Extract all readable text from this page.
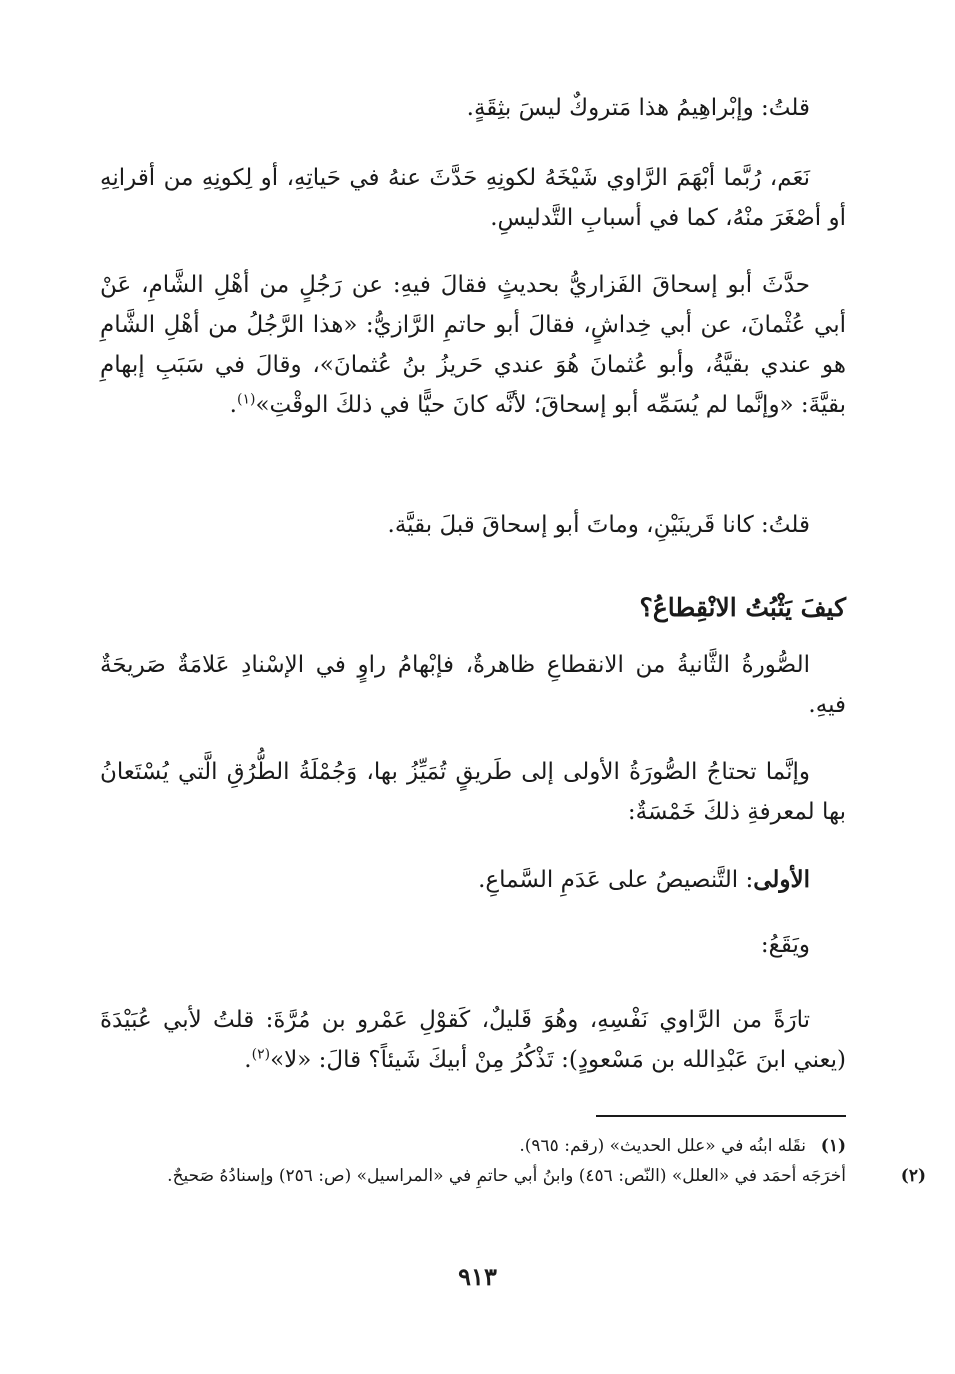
قلتُ: وإبْراهِيمُ هذا مَتروكٌ ليسَ بثِقَةٍ.

نَعَم، رُبَّما أبْهَمَ الرَّاوي شَيْخَهُ لكونِهِ حَدَّثَ عنهُ في حَياتِهِ، أو لِكونِهِ من أقرانِهِ أو أصْغَرَ منْهُ، كما في أسبابِ التَّدليسِ.

حدَّثَ أبو إسحاقَ الفَزاريُّ بحديثٍ فقالَ فيهِ: عن رَجُلٍ من أهْلِ الشَّامِ، عَنْ أبي عُثْمانَ، عن أبي خِداشٍ، فقالَ أبو حاتمِ الرَّازيُّ: «هذا الرَّجُلُ من أهْلِ الشَّامِ هو عندي بقيَّةُ، وأبو عُثمانَ هُوَ عندي حَريزُ بنُ عُثمانَ»، وقالَ في سَبَبِ إبهامِ بقيَّةَ: «وإنَّما لم يُسَمِّه أبو إسحاقَ؛ لأنَّه كانَ حيًّا في ذلكَ الوقْتِ»$^{(١)}$.

قلتُ: كانا قَرينَيْنِ، وماتَ أبو إسحاقَ قبلَ بقيَّة.

كيفَ يَثْبُتُ الانْقِطاعُ؟

الصُّورةُ الثَّانيةُ من الانقطاعِ ظاهرةٌ، فإبْهامُ راوٍ في الإسْنادِ عَلامَةٌ صَريحَةٌ فيهِ.

وإنَّما تحتاجُ الصُّورَةُ الأولى إلى طَريقٍ تُمَيِّزُ بها، وَجُمْلَةُ الطُّرُقِ الَّتي يُسْتَعانُ بها لمعرفةِ ذلكَ خَمْسَةٌ:

الأولى: التَّنصيصُ على عَدَمِ السَّماعِ.

ويَقَعُ:

تارَةً من الرَّاوي نَفْسِهِ، وهُوَ قَليلٌ، كَقوْلِ عَمْرو بن مُرَّةَ: قلتُ لأبي عُبَيْدَةَ (يعني ابنَ عَبْدِالله بن مَسْعودٍ): تَذْكُرُ مِنْ أبيكَ شَيئاً؟ قالَ: «لا»$^{(٢)}$.

(١)نقَله ابنُه في «علل الحديث» (رقم: ٩٦٥).

(٢)أخرَجَه أحمَد في «العلل» (النّص: ٤٥٦) وابنُ أبي حاتمِ في «المراسيل» (ص: ٢٥٦) وإسنادُهُ صَحيحٌ.

٩١٣
